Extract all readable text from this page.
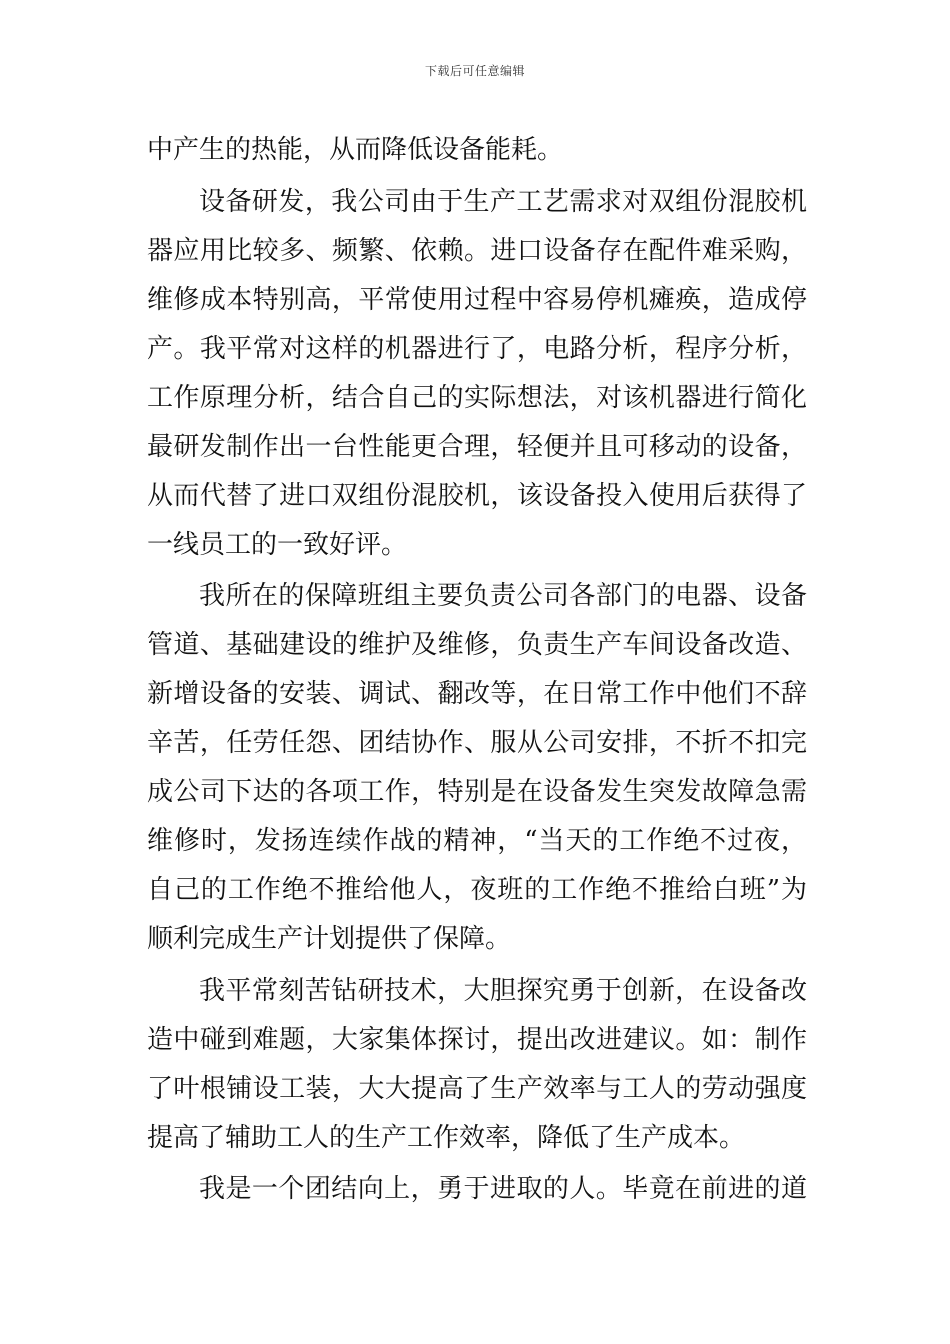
下载后可任意编辑

中产生的热能，从而降低设备能耗。

设备研发，我公司由于生产工艺需求对双组份混胶机
器应用比较多、频繁、依赖。进口设备存在配件难采购，
维修成本特别高，平常使用过程中容易停机瘫痪，造成停
产。我平常对这样的机器进行了，电路分析，程序分析，
工作原理分析，结合自己的实际想法，对该机器进行简化
最研发制作出一台性能更合理，轻便并且可移动的设备，
从而代替了进口双组份混胶机，该设备投入使用后获得了
一线员工的一致好评。

我所在的保障班组主要负责公司各部门的电器、设备
管道、基础建设的维护及维修，负责生产车间设备改造、
新增设备的安装、调试、翻改等，在日常工作中他们不辞
辛苦，任劳任怨、团结协作、服从公司安排，不折不扣完
成公司下达的各项工作，特别是在设备发生突发故障急需
维修时，发扬连续作战的精神，“当天的工作绝不过夜，
自己的工作绝不推给他人，夜班的工作绝不推给白班”为
顺利完成生产计划提供了保障。

我平常刻苦钻研技术，大胆探究勇于创新，在设备改
造中碰到难题，大家集体探讨，提出改进建议。如：制作
了叶根铺设工装，大大提高了生产效率与工人的劳动强度
提高了辅助工人的生产工作效率，降低了生产成本。

我是一个团结向上，勇于进取的人。毕竟在前进的道
